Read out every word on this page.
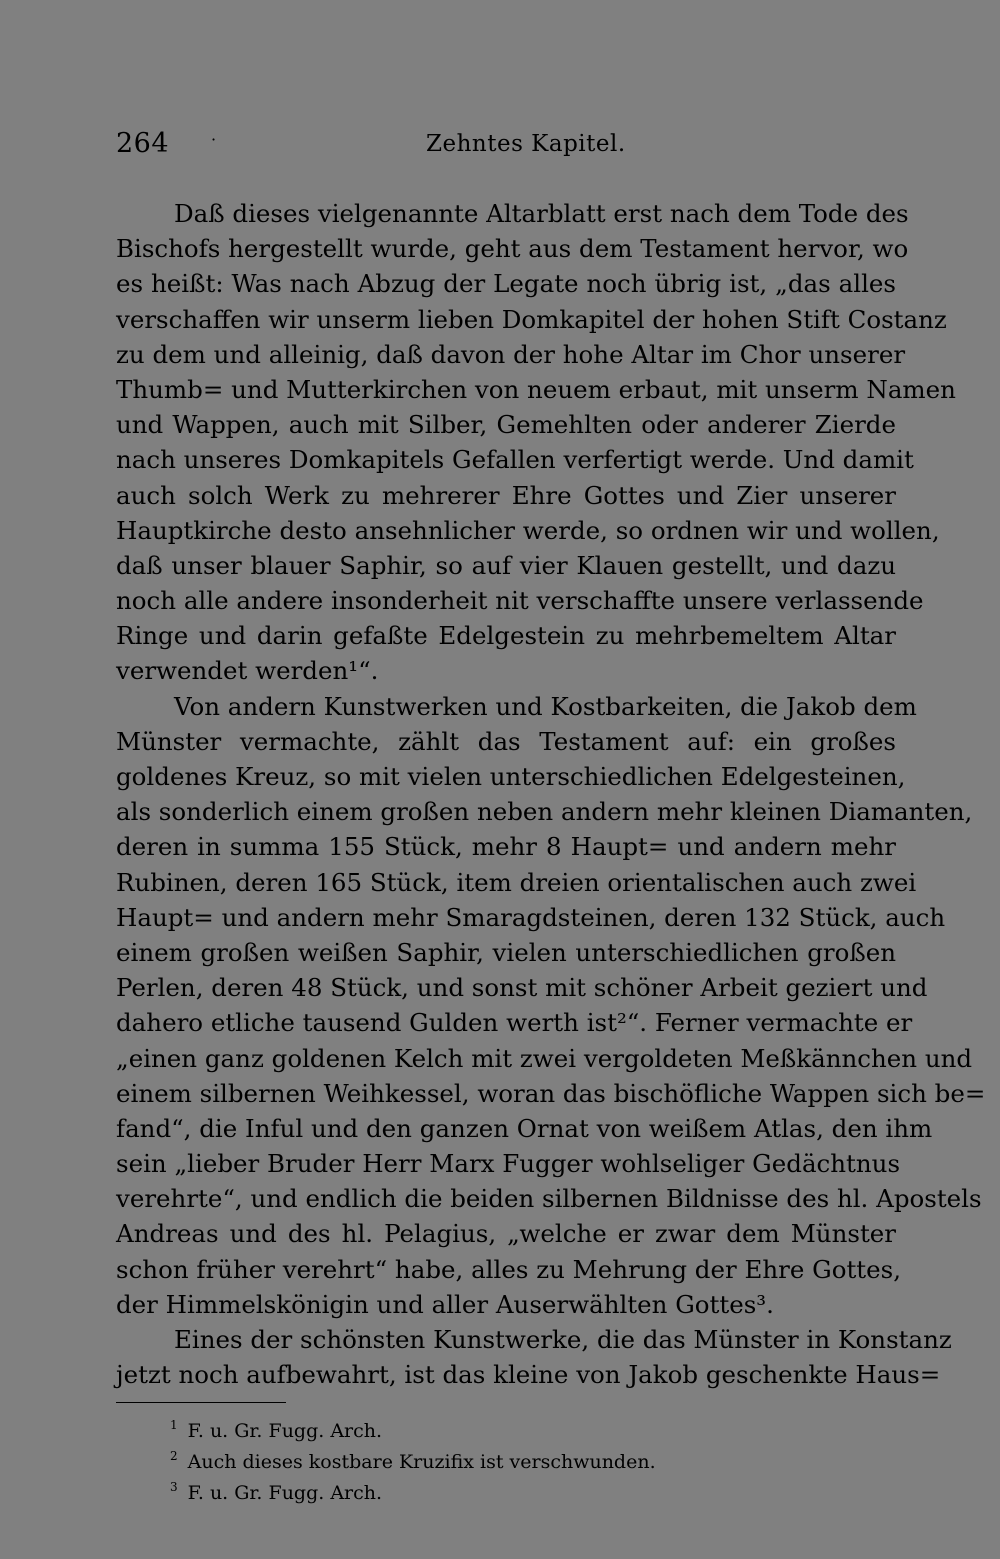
264	·	Zehntes Kapitel.
Daß dieses vielgenannte Altarblatt erst nach dem Tode des
Bischofs hergestellt wurde, geht aus dem Testament hervor, wo
es heißt: Was nach Abzug der Legate noch übrig ist, „das alles
verschaffen wir unserm lieben Domkapitel der hohen Stift Costanz
zu dem und alleinig, daß davon der hohe Altar im Chor unserer
Thumb= und Mutterkirchen von neuem erbaut, mit unserm Namen
und Wappen, auch mit Silber, Gemehlten oder anderer Zierde
nach unseres Domkapitels Gefallen verfertigt werde. Und damit
auch solch Werk zu mehrerer Ehre Gottes und Zier unserer
Hauptkirche desto ansehnlicher werde, so ordnen wir und wollen,
daß unser blauer Saphir, so auf vier Klauen gestellt, und dazu
noch alle andere insonderheit nit verschaffte unsere verlassende
Ringe und darin gefaßte Edelgestein zu mehrbemeltem Altar
verwendet werden¹“.
Von andern Kunstwerken und Kostbarkeiten, die Jakob dem
Münster vermachte, zählt das Testament auf: ein großes
goldenes Kreuz, so mit vielen unterschiedlichen Edelgesteinen,
als sonderlich einem großen neben andern mehr kleinen Diamanten,
deren in summa 155 Stück, mehr 8 Haupt= und andern mehr
Rubinen, deren 165 Stück, item dreien orientalischen auch zwei
Haupt= und andern mehr Smaragdsteinen, deren 132 Stück, auch
einem großen weißen Saphir, vielen unterschiedlichen großen
Perlen, deren 48 Stück, und sonst mit schöner Arbeit geziert und
dahero etliche tausend Gulden werth ist²“. Ferner vermachte er
„einen ganz goldenen Kelch mit zwei vergoldeten Meßkännchen und
einem silbernen Weihkessel, woran das bischöfliche Wappen sich be=
fand“, die Inful und den ganzen Ornat von weißem Atlas, den ihm
sein „lieber Bruder Herr Marx Fugger wohlseliger Gedächtnus
verehrte“, und endlich die beiden silbernen Bildnisse des hl. Apostels
Andreas und des hl. Pelagius, „welche er zwar dem Münster
schon früher verehrt“ habe, alles zu Mehrung der Ehre Gottes,
der Himmelskönigin und aller Auserwählten Gottes³.
Eines der schönsten Kunstwerke, die das Münster in Konstanz
jetzt noch aufbewahrt, ist das kleine von Jakob geschenkte Haus=
$^1$ F. u. Gr. Fugg. Arch.
$^2$ Auch dieses kostbare Kruzifix ist verschwunden.
$^3$ F. u. Gr. Fugg. Arch.
